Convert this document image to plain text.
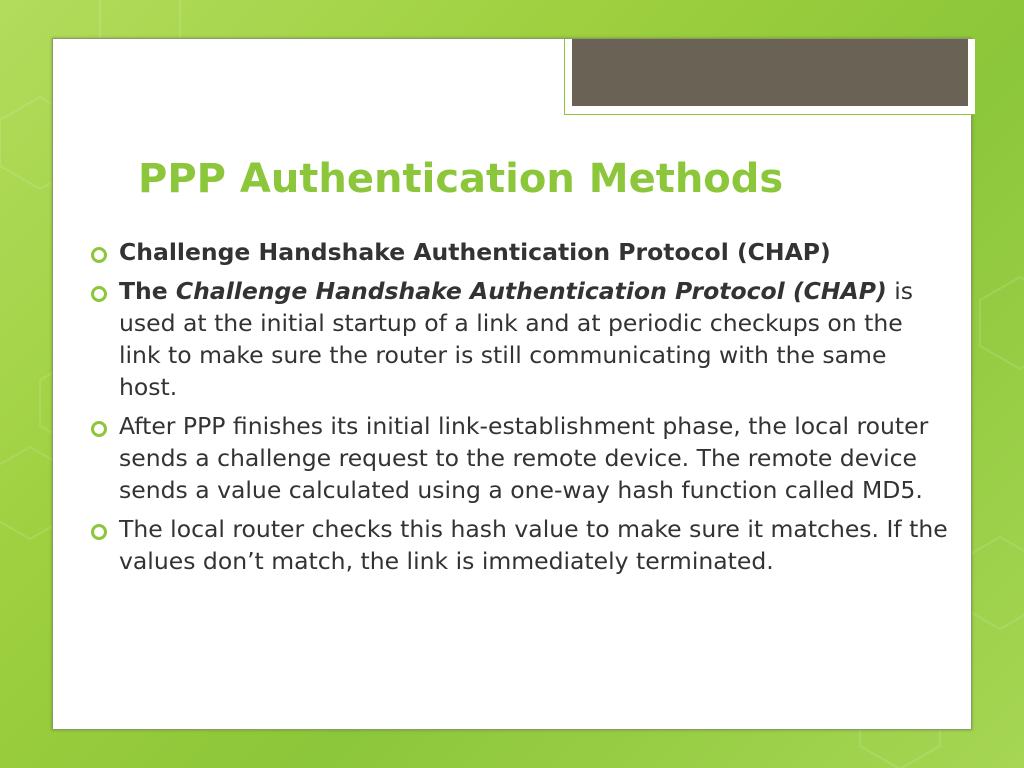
PPP Authentication Methods
Challenge Handshake Authentication Protocol (CHAP)
The Challenge Handshake Authentication Protocol (CHAP) is used at the initial startup of a link and at periodic checkups on the link to make sure the router is still communicating with the same host.
After PPP finishes its initial link-establishment phase, the local router sends a challenge request to the remote device. The remote device sends a value calculated using a one-way hash function called MD5.
The local router checks this hash value to make sure it matches. If the values don’t match, the link is immediately terminated.
